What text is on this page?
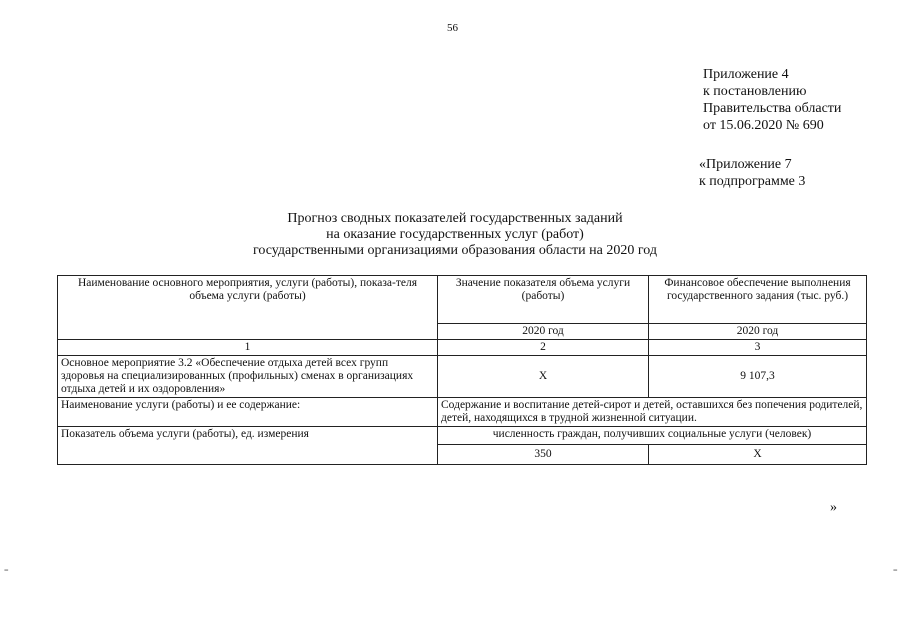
56
Приложение 4
к постановлению
Правительства области
от 15.06.2020 № 690
«Приложение 7
к подпрограмме 3
Прогноз сводных показателей государственных заданий
на оказание государственных услуг (работ)
государственными организациями образования области на 2020 год
Наименование основного мероприятия, услуги (работы), показа-теля объема услуги (работы)	Значение показателя объема услуги (работы)	Финансовое обеспечение выполнения государственного задания (тыс. руб.)
	2020 год	2020 год
1	2	3
Основное мероприятие 3.2 «Обеспечение отдыха детей всех групп здоровья на специализированных (профильных) сменах в организациях отдыха детей и их оздоровления»	Х	9 107,3
Наименование услуги (работы) и ее содержание:	Содержание и воспитание детей-сирот и детей, оставшихся без попечения родителей, детей, находящихся в трудной жизненной ситуации.	
Показатель объема услуги (работы), ед. измерения	численность граждан, получивших социальные услуги (человек)	
	350	Х
»
=	=
